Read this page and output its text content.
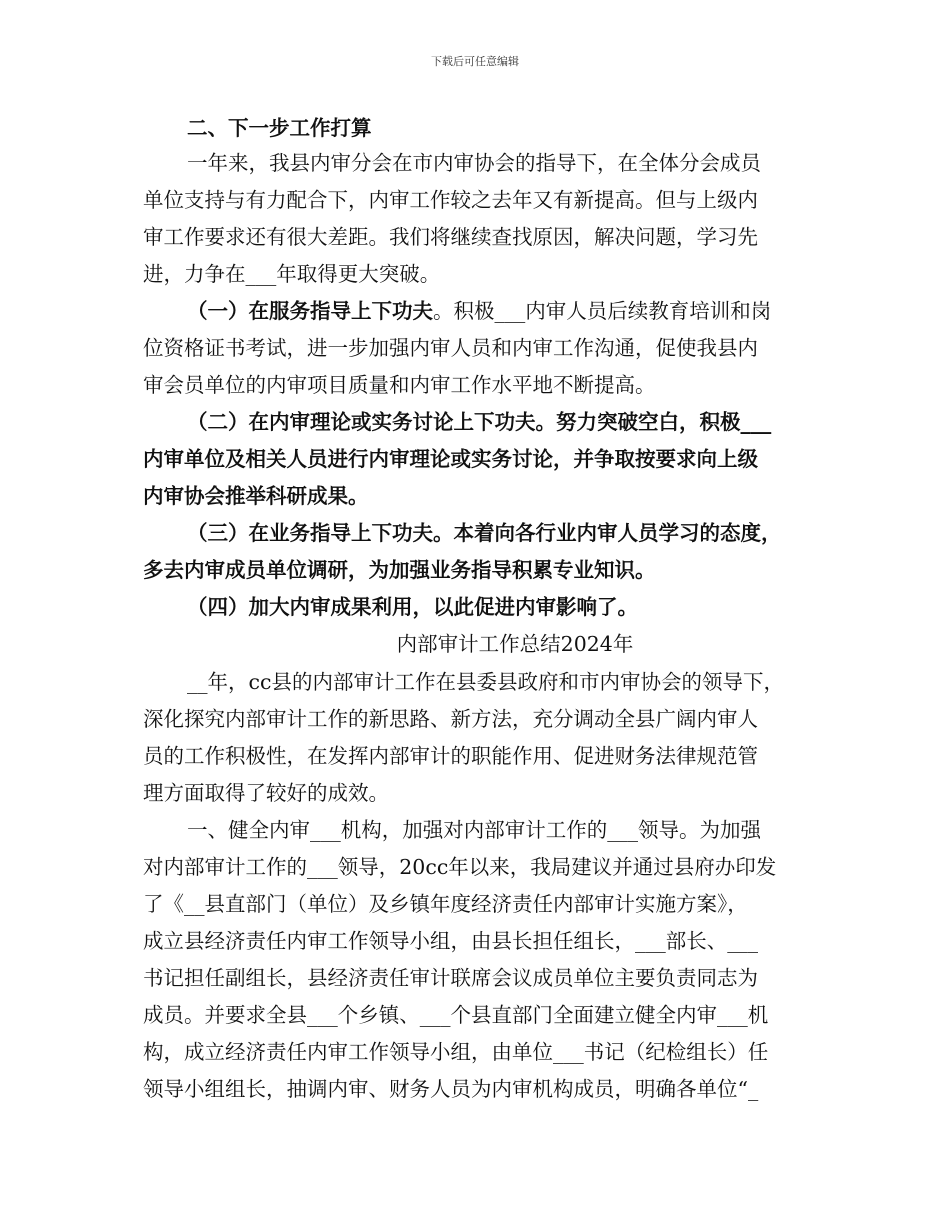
下载后可任意编辑
二、下一步工作打算
一年来，我县内审分会在市内审协会的指导下，在全体分会成员
单位支持与有力配合下，内审工作较之去年又有新提高。但与上级内
审工作要求还有很大差距。我们将继续查找原因，解决问题，学习先
进，力争在___年取得更大突破。
（一）在服务指导上下功夫。积极___内审人员后续教育培训和岗
位资格证书考试，进一步加强内审人员和内审工作沟通，促使我县内
审会员单位的内审项目质量和内审工作水平地不断提高。
（二）在内审理论或实务讨论上下功夫。努力突破空白，积极___
内审单位及相关人员进行内审理论或实务讨论，并争取按要求向上级
内审协会推举科研成果。
（三）在业务指导上下功夫。本着向各行业内审人员学习的态度，
多去内审成员单位调研，为加强业务指导积累专业知识。
（四）加大内审成果利用，以此促进内审影响了。
内部审计工作总结2024年
__年，cc县的内部审计工作在县委县政府和市内审协会的领导下，
深化探究内部审计工作的新思路、新方法，充分调动全县广阔内审人
员的工作积极性，在发挥内部审计的职能作用、促进财务法律规范管
理方面取得了较好的成效。
一、健全内审___机构，加强对内部审计工作的___领导。为加强
对内部审计工作的___领导，20cc年以来，我局建议并通过县府办印发
了《__县直部门（单位）及乡镇年度经济责任内部审计实施方案》，
成立县经济责任内审工作领导小组，由县长担任组长，___部长、___
书记担任副组长，县经济责任审计联席会议成员单位主要负责同志为
成员。并要求全县___个乡镇、___个县直部门全面建立健全内审___机
构，成立经济责任内审工作领导小组，由单位___书记（纪检组长）任
领导小组组长，抽调内审、财务人员为内审机构成员，明确各单位“_
